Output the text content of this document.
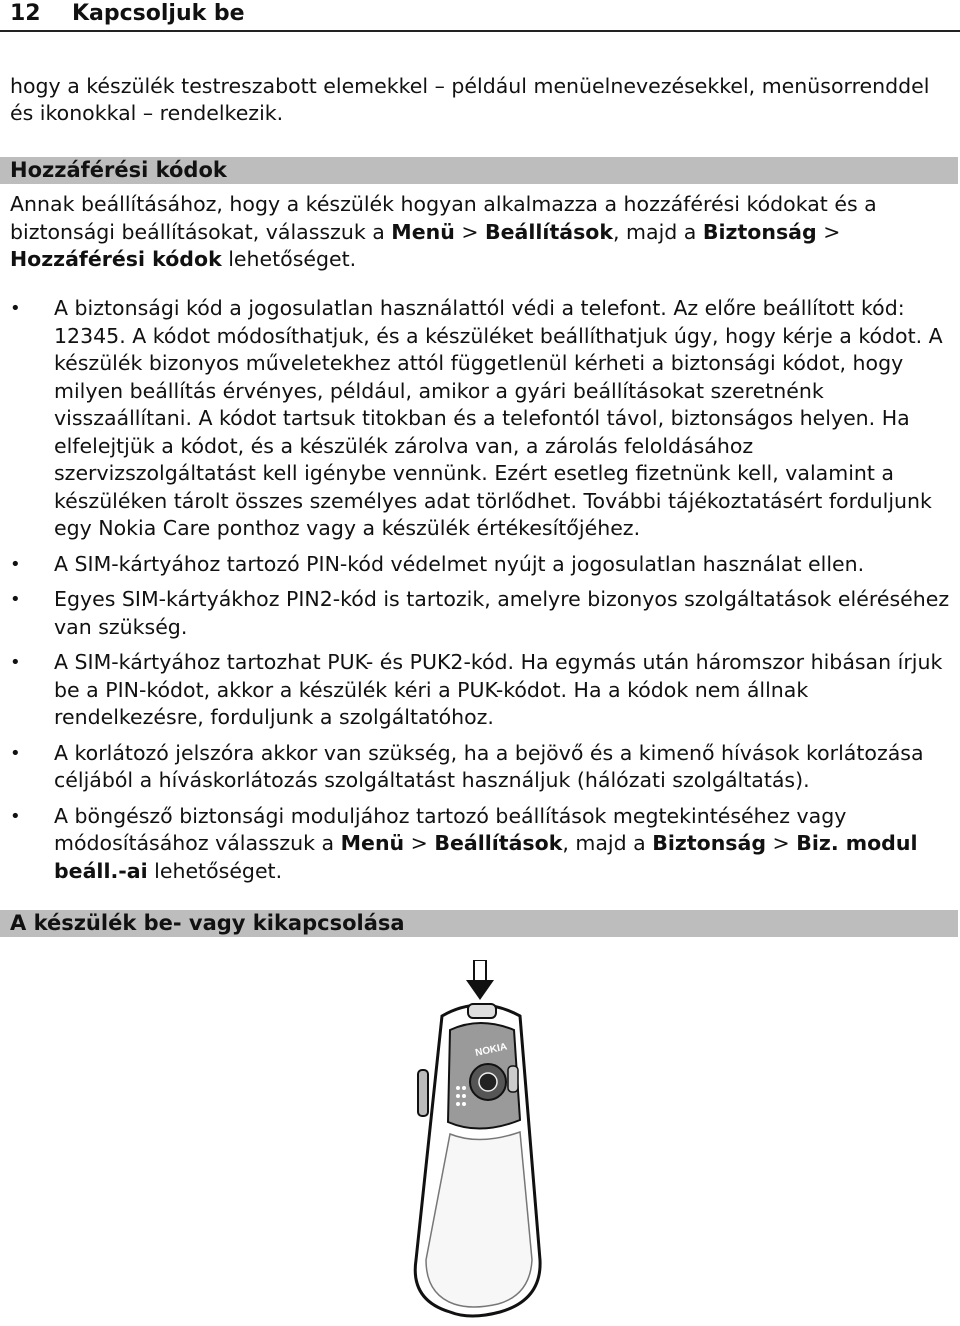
12 Kapcsoljuk be

hogy a készülék testreszabott elemekkel – például menüelnevezésekkel, menüsorrenddel és ikonokkal – rendelkezik.

Hozzáférési kódok

Annak beállításához, hogy a készülék hogyan alkalmazza a hozzáférési kódokat és a biztonsági beállításokat, válasszuk a Menü > Beállítások, majd a Biztonság > Hozzáférési kódok lehetőséget.

• A biztonsági kód a jogosulatlan használattól védi a telefont. Az előre beállított kód: 12345. A kódot módosíthatjuk, és a készüléket beállíthatjuk úgy, hogy kérje a kódot. A készülék bizonyos műveletekhez attól függetlenül kérheti a biztonsági kódot, hogy milyen beállítás érvényes, például, amikor a gyári beállításokat szeretnénk visszaállítani. A kódot tartsuk titokban és a telefontól távol, biztonságos helyen. Ha elfelejtjük a kódot, és a készülék zárolva van, a zárolás feloldásához szervizszolgáltatást kell igénybe vennünk. Ezért esetleg fizetnünk kell, valamint a készüléken tárolt összes személyes adat törlődhet. További tájékoztatásért forduljunk egy Nokia Care ponthoz vagy a készülék értékesítőjéhez.
• A SIM-kártyához tartozó PIN-kód védelmet nyújt a jogosulatlan használat ellen.
• Egyes SIM-kártyákhoz PIN2-kód is tartozik, amelyre bizonyos szolgáltatások eléréséhez van szükség.
• A SIM-kártyához tartozhat PUK- és PUK2-kód. Ha egymás után háromszor hibásan írjuk be a PIN-kódot, akkor a készülék kéri a PUK-kódot. Ha a kódok nem állnak rendelkezésre, forduljunk a szolgáltatóhoz.
• A korlátozó jelszóra akkor van szükség, ha a bejövő és a kimenő hívások korlátozása céljából a híváskorlátozás szolgáltatást használjuk (hálózati szolgáltatás).
• A böngésző biztonsági moduljához tartozó beállítások megtekintéséhez vagy módosításához válasszuk a Menü > Beállítások, majd a Biztonság > Biz. modul beáll.-ai lehetőséget.
A készülék be- vagy kikapcsolása
NOKIA
